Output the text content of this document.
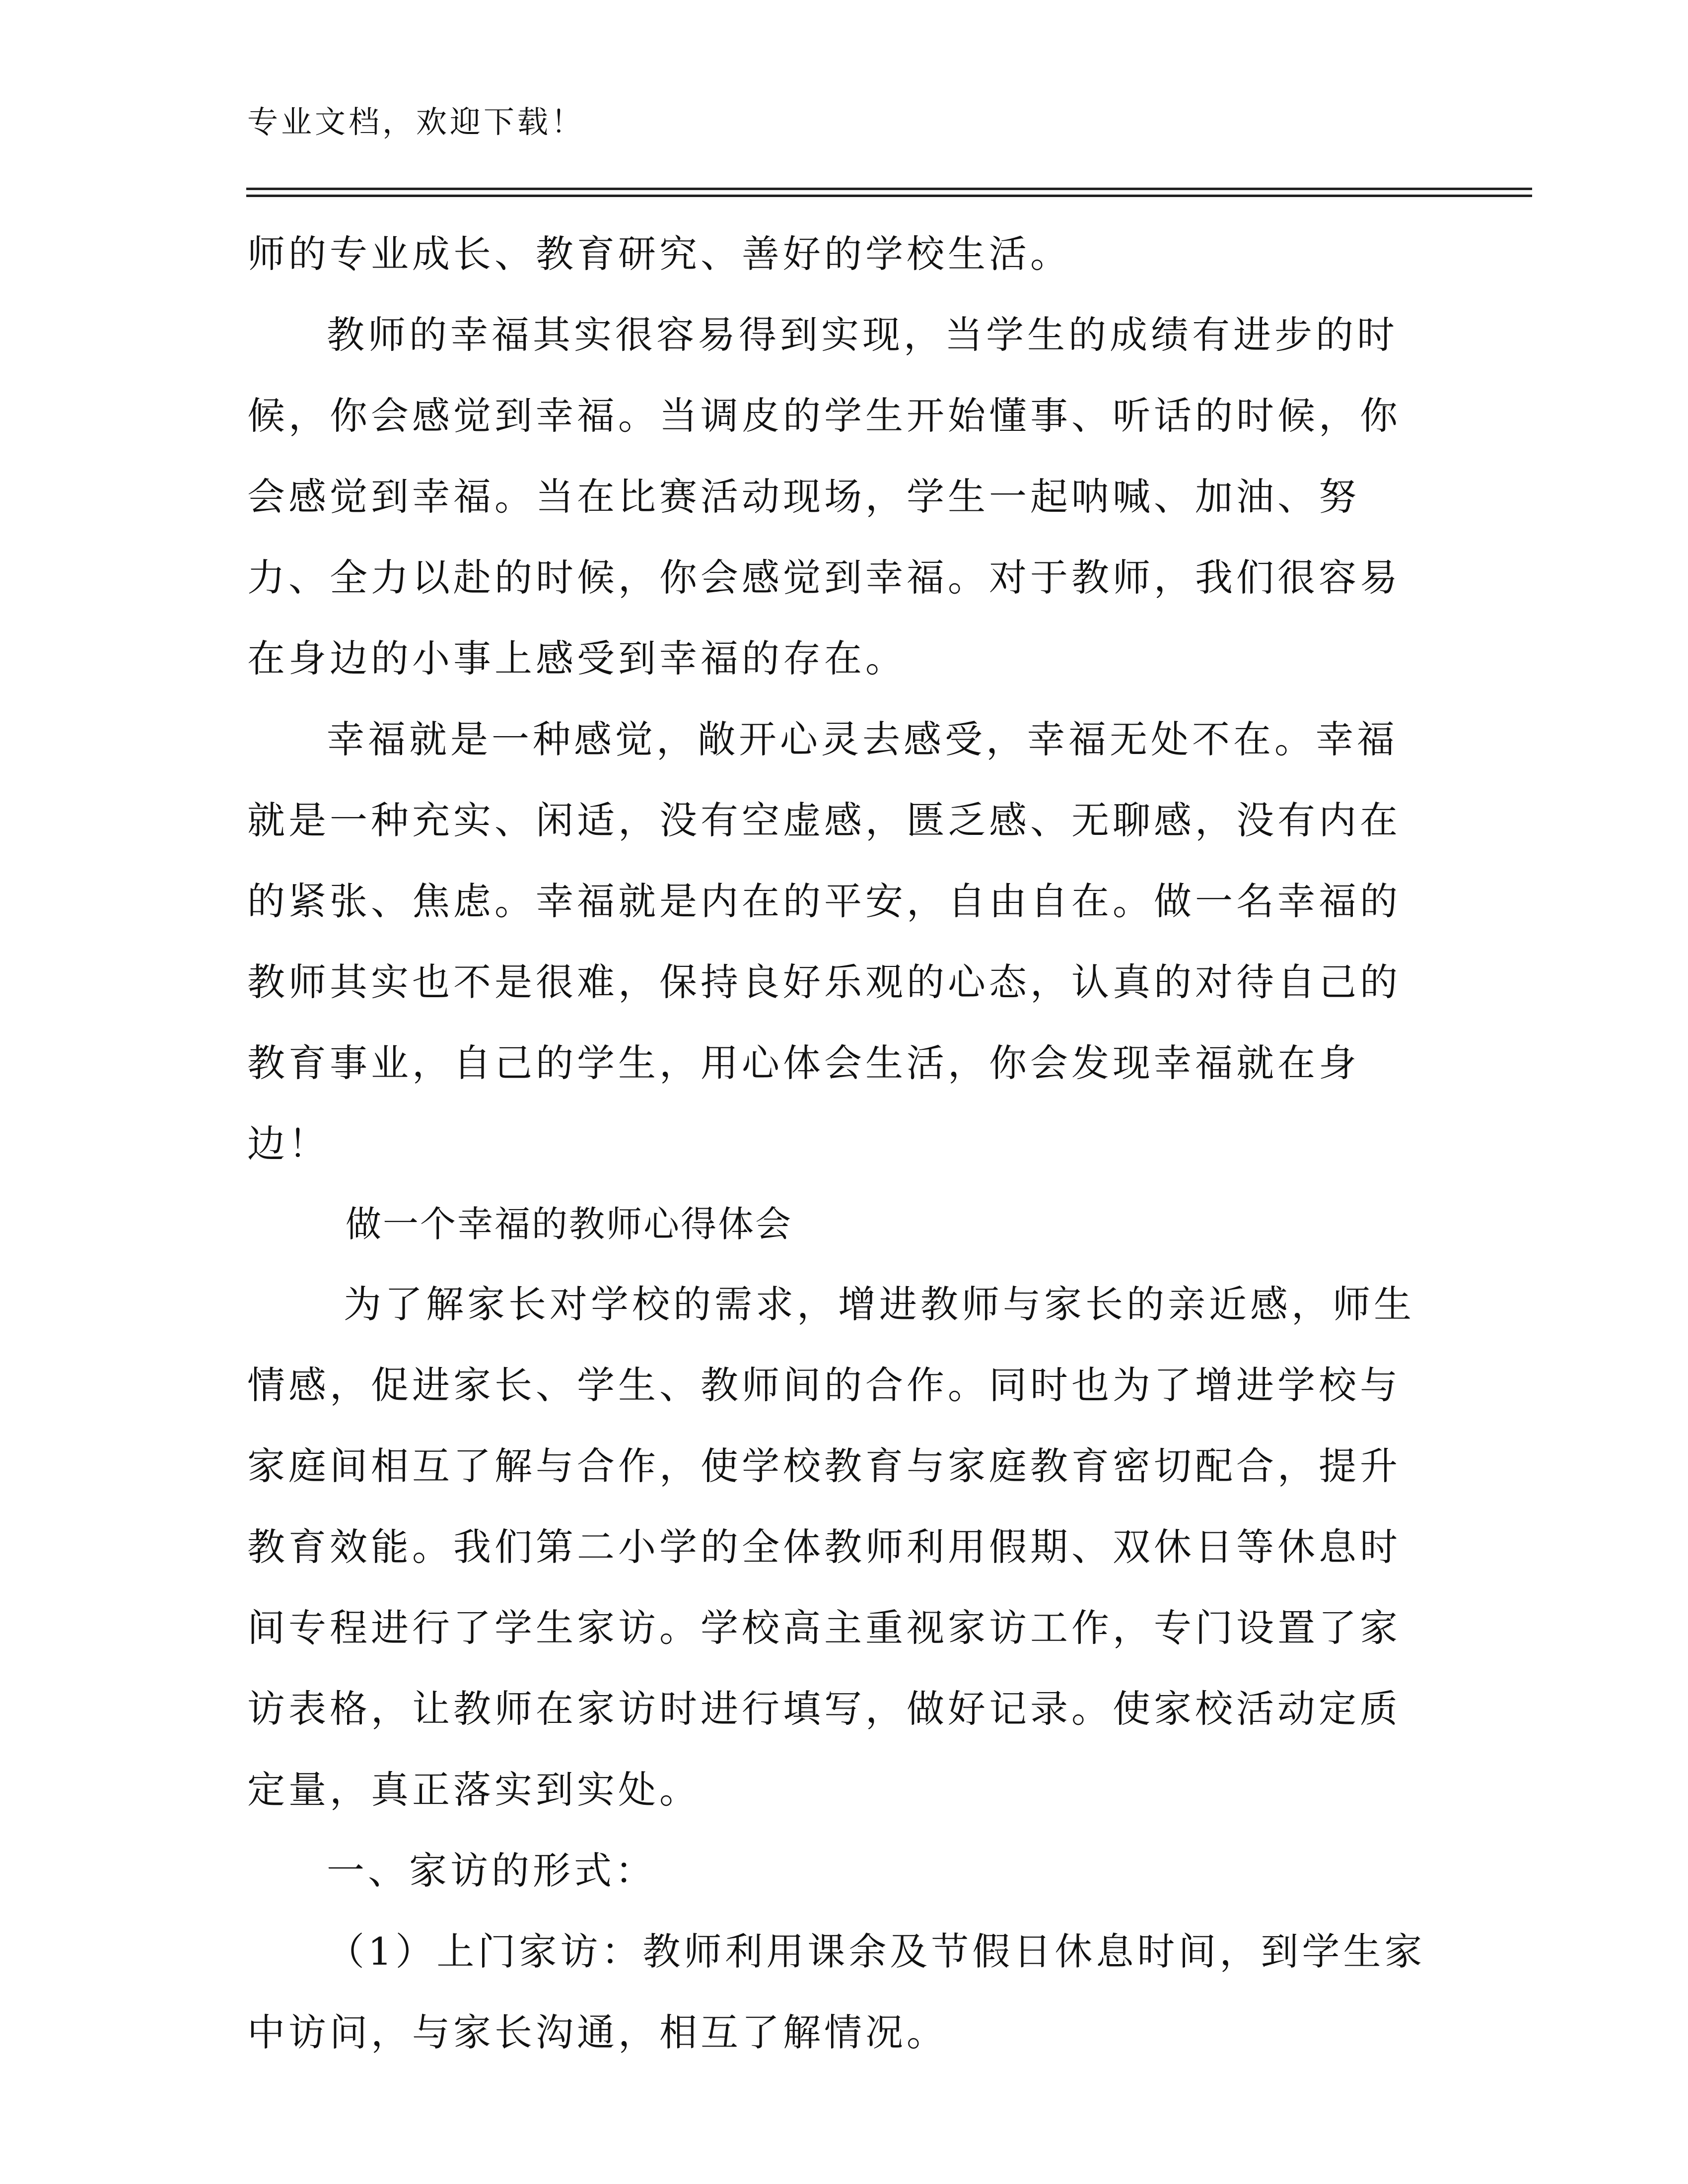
专业文档，欢迎下载！

师的专业成长、教育研究、善好的学校生活。

教师的幸福其实很容易得到实现，当学生的成绩有进步的时候，你会感觉到幸福。当调皮的学生开始懂事、听话的时候，你会感觉到幸福。当在比赛活动现场，学生一起呐喊、加油、努力、全力以赴的时候，你会感觉到幸福。对于教师，我们很容易在身边的小事上感受到幸福的存在。

幸福就是一种感觉，敞开心灵去感受，幸福无处不在。幸福就是一种充实、闲适，没有空虚感，匮乏感、无聊感，没有内在的紧张、焦虑。幸福就是内在的平安，自由自在。做一名幸福的教师其实也不是很难，保持良好乐观的心态，认真的对待自己的教育事业，自己的学生，用心体会生活，你会发现幸福就在身边！

做一个幸福的教师心得体会

为了解家长对学校的需求，增进教师与家长的亲近感，师生情感，促进家长、学生、教师间的合作。同时也为了增进学校与家庭间相互了解与合作，使学校教育与家庭教育密切配合，提升教育效能。我们第二小学的全体教师利用假期、双休日等休息时间专程进行了学生家访。学校高主重视家访工作，专门设置了家访表格，让教师在家访时进行填写，做好记录。使家校活动定质定量，真正落实到实处。

一、家访的形式：

（1）上门家访：教师利用课余及节假日休息时间，到学生家中访问，与家长沟通，相互了解情况。
